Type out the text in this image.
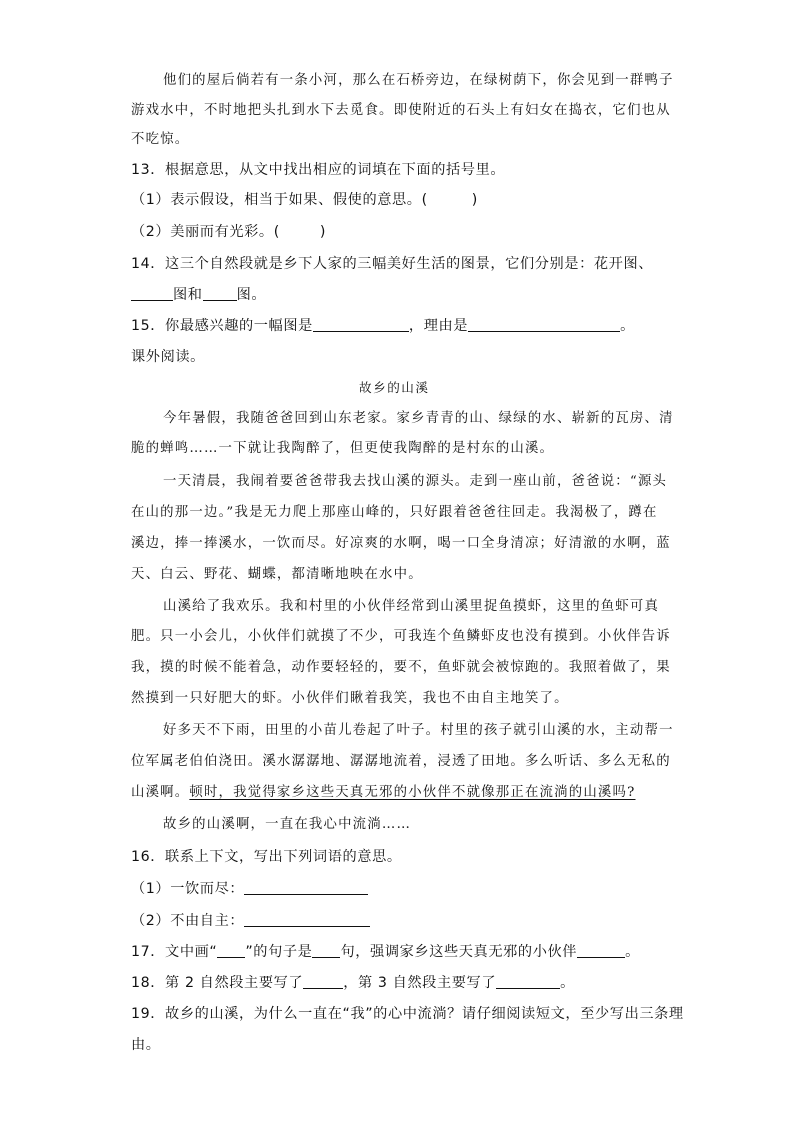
他们的屋后倘若有一条小河，那么在石桥旁边，在绿树荫下，你会见到一群鸭子
游戏水中，不时地把头扎到水下去觅食。即使附近的石头上有妇女在捣衣，它们也从
不吃惊。
13．根据意思，从文中找出相应的词填在下面的括号里。
（1）表示假设，相当于如果、假使的意思。(	)
（2）美丽而有光彩。(	)
14．这三个自然段就是乡下人家的三幅美好生活的图景，它们分别是：花开图、
图和 图。
15．你最感兴趣的一幅图是	，理由是	。
课外阅读。
故乡的山溪
今年暑假，我随爸爸回到山东老家。家乡青青的山、绿绿的水、崭新的瓦房、清
脆的蝉鸣……一下就让我陶醉了，但更使我陶醉的是村东的山溪。
一天清晨，我闹着要爸爸带我去找山溪的源头。走到一座山前，爸爸说：“源头
在山的那一边。”我是无力爬上那座山峰的，只好跟着爸爸往回走。我渴极了，蹲在
溪边，捧一捧溪水，一饮而尽。好凉爽的水啊，喝一口全身清凉；好清澈的水啊，蓝
天、白云、野花、蝴蝶，都清晰地映在水中。
山溪给了我欢乐。我和村里的小伙伴经常到山溪里捉鱼摸虾，这里的鱼虾可真
肥。只一小会儿，小伙伴们就摸了不少，可我连个鱼鳞虾皮也没有摸到。小伙伴告诉
我，摸的时候不能着急，动作要轻轻的，要不，鱼虾就会被惊跑的。我照着做了，果
然摸到一只好肥大的虾。小伙伴们瞅着我笑，我也不由自主地笑了。
好多天不下雨，田里的小苗儿卷起了叶子。村里的孩子就引山溪的水，主动帮一
位军属老伯伯浇田。溪水潺潺地、潺潺地流着，浸透了田地。多么听话、多么无私的
山溪啊。顿时，我觉得家乡这些天真无邪的小伙伴不就像那正在流淌的山溪吗?
故乡的山溪啊，一直在我心中流淌……
16．联系上下文，写出下列词语的意思。
（1）一饮而尽：
（2）不由自主：
17．文中画“ ”的句子是 句，强调家乡这些天真无邪的小伙伴	。
18．第 2 自然段主要写了	，第 3 自然段主要写了	。
19．故乡的山溪，为什么一直在“我”的心中流淌？请仔细阅读短文，至少写出三条理
由。
